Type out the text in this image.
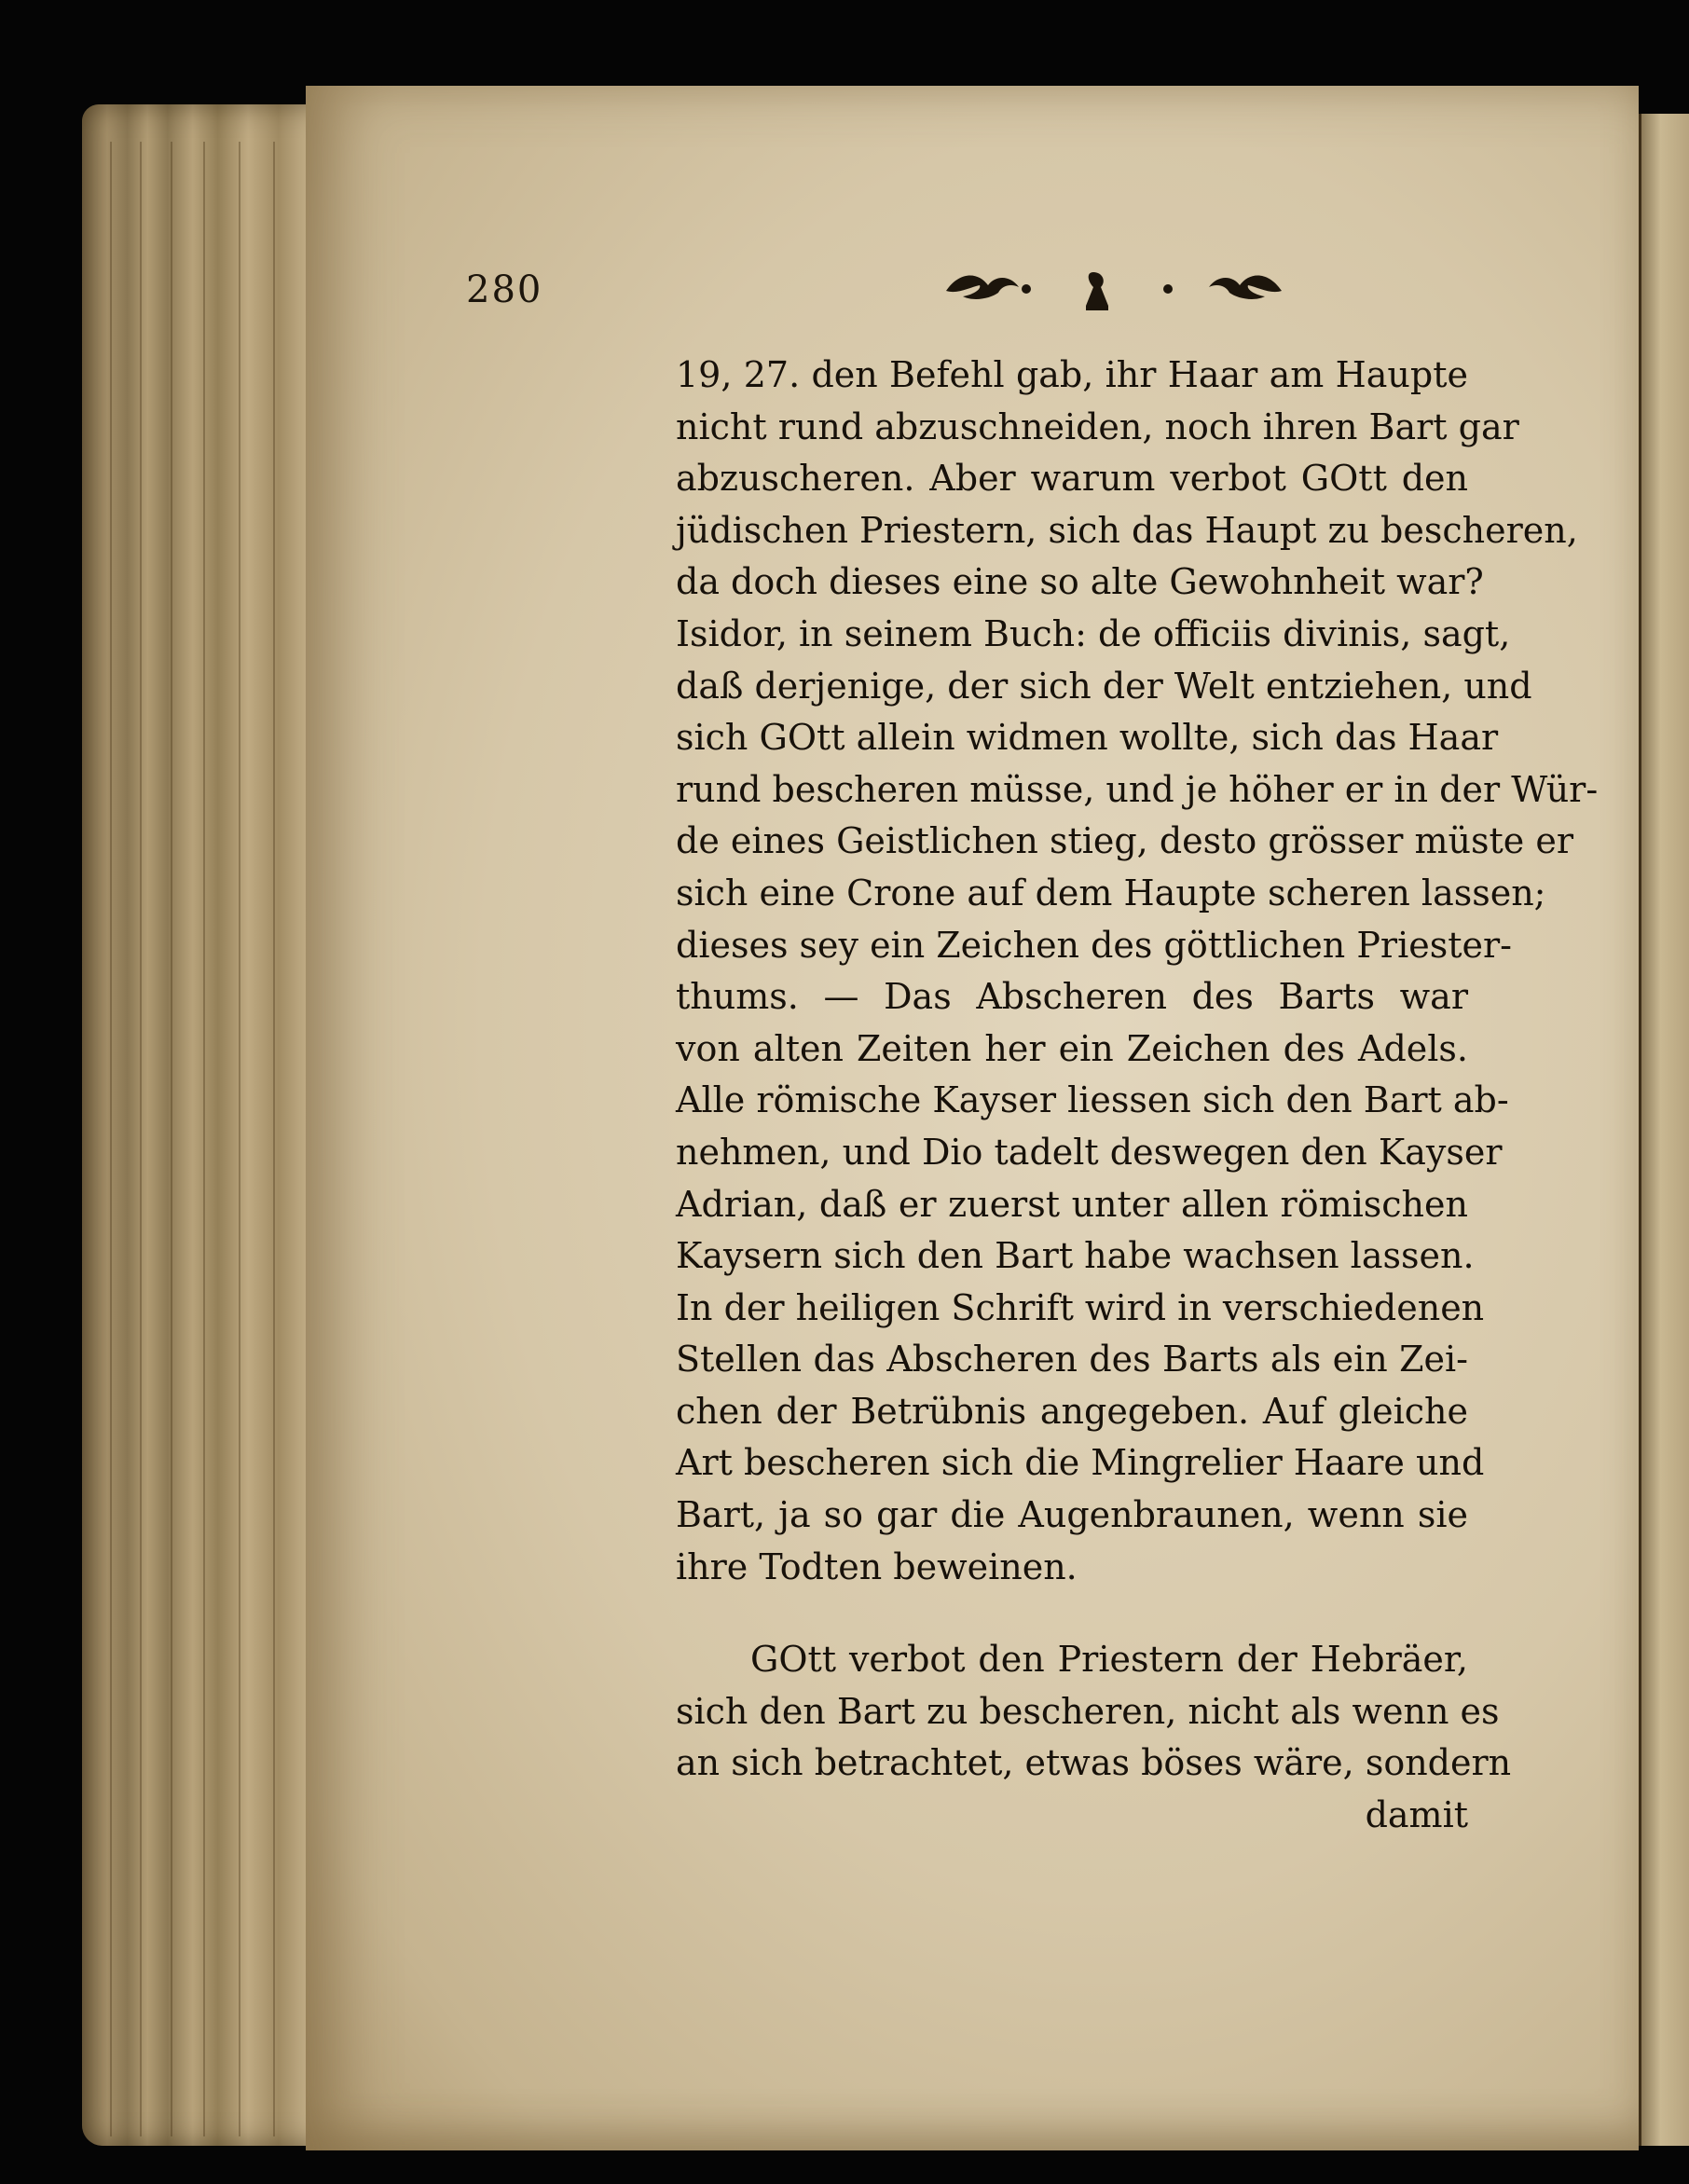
280
19, 27. den Befehl gab, ihr Haar am Haupte
nicht rund abzuschneiden, noch ihren Bart gar
abzuscheren. Aber warum verbot GOtt den
jüdischen Priestern, sich das Haupt zu bescheren,
da doch dieses eine so alte Gewohnheit war?
Isidor, in seinem Buch: de officiis divinis, sagt,
daß derjenige, der sich der Welt entziehen, und
sich GOtt allein widmen wollte, sich das Haar
rund bescheren müsse, und je höher er in der Wür-
de eines Geistlichen stieg, desto grösser müste er
sich eine Crone auf dem Haupte scheren lassen;
dieses sey ein Zeichen des göttlichen Priester-
thums. — Das Abscheren des Barts war
von alten Zeiten her ein Zeichen des Adels.
Alle römische Kayser liessen sich den Bart ab-
nehmen, und Dio tadelt deswegen den Kayser
Adrian, daß er zuerst unter allen römischen
Kaysern sich den Bart habe wachsen lassen.
In der heiligen Schrift wird in verschiedenen
Stellen das Abscheren des Barts als ein Zei-
chen der Betrübnis angegeben. Auf gleiche
Art bescheren sich die Mingrelier Haare und
Bart, ja so gar die Augenbraunen, wenn sie
ihre Todten beweinen.
GOtt verbot den Priestern der Hebräer,
sich den Bart zu bescheren, nicht als wenn es
an sich betrachtet, etwas böses wäre, sondern
damit
